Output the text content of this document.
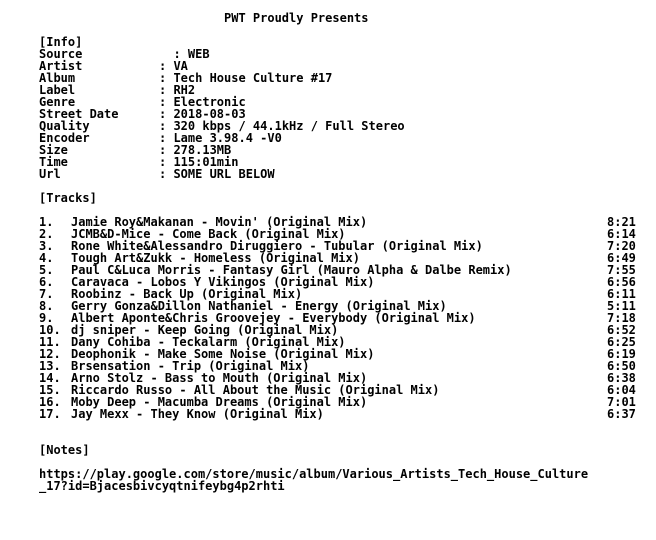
PWT Proudly Presents
[Info]
Source	: WEB
Artist	: VA
Album	: Tech House Culture #17
Label	: RH2
Genre	: Electronic
Street Date	: 2018-08-03
Quality	: 320 kbps / 44.1kHz / Full Stereo
Encoder	: Lame 3.98.4 -V0
Size	: 278.13MB
Time	: 115:01min
Url	: SOME URL BELOW
[Tracks]
1. Jamie Roy&Makanan - Movin' (Original Mix)	8:21
2. JCMB&D-Mice - Come Back (Original Mix)	6:14
3. Rone White&Alessandro Diruggiero - Tubular (Original Mix)	7:20
4. Tough Art&Zukk - Homeless (Original Mix)	6:49
5. Paul C&Luca Morris - Fantasy Girl (Mauro Alpha & Dalbe Remix)	7:55
6. Caravaca - Lobos Y Vikingos (Original Mix)	6:56
7. Roobinz - Back Up (Original Mix)	6:11
8. Gerry Gonza&Dillon Nathaniel - Energy (Original Mix)	5:11
9. Albert Aponte&Chris Groovejey - Everybody (Original Mix)	7:18
10. dj sniper - Keep Going (Original Mix)	6:52
11. Dany Cohiba - Teckalarm (Original Mix)	6:25
12. Deophonik - Make Some Noise (Original Mix)	6:19
13. Brsensation - Trip (Original Mix)	6:50
14. Arno Stolz - Bass to Mouth (Original Mix)	6:38
15. Riccardo Russo - All About the Music (Original Mix)	6:04
16. Moby Deep - Macumba Dreams (Original Mix)	7:01
17. Jay Mexx - They Know (Original Mix)	6:37
[Notes]
https://play.google.com/store/music/album/Various_Artists_Tech_House_Culture
_17?id=Bjacesbivcyqtnifeybg4p2rhti
